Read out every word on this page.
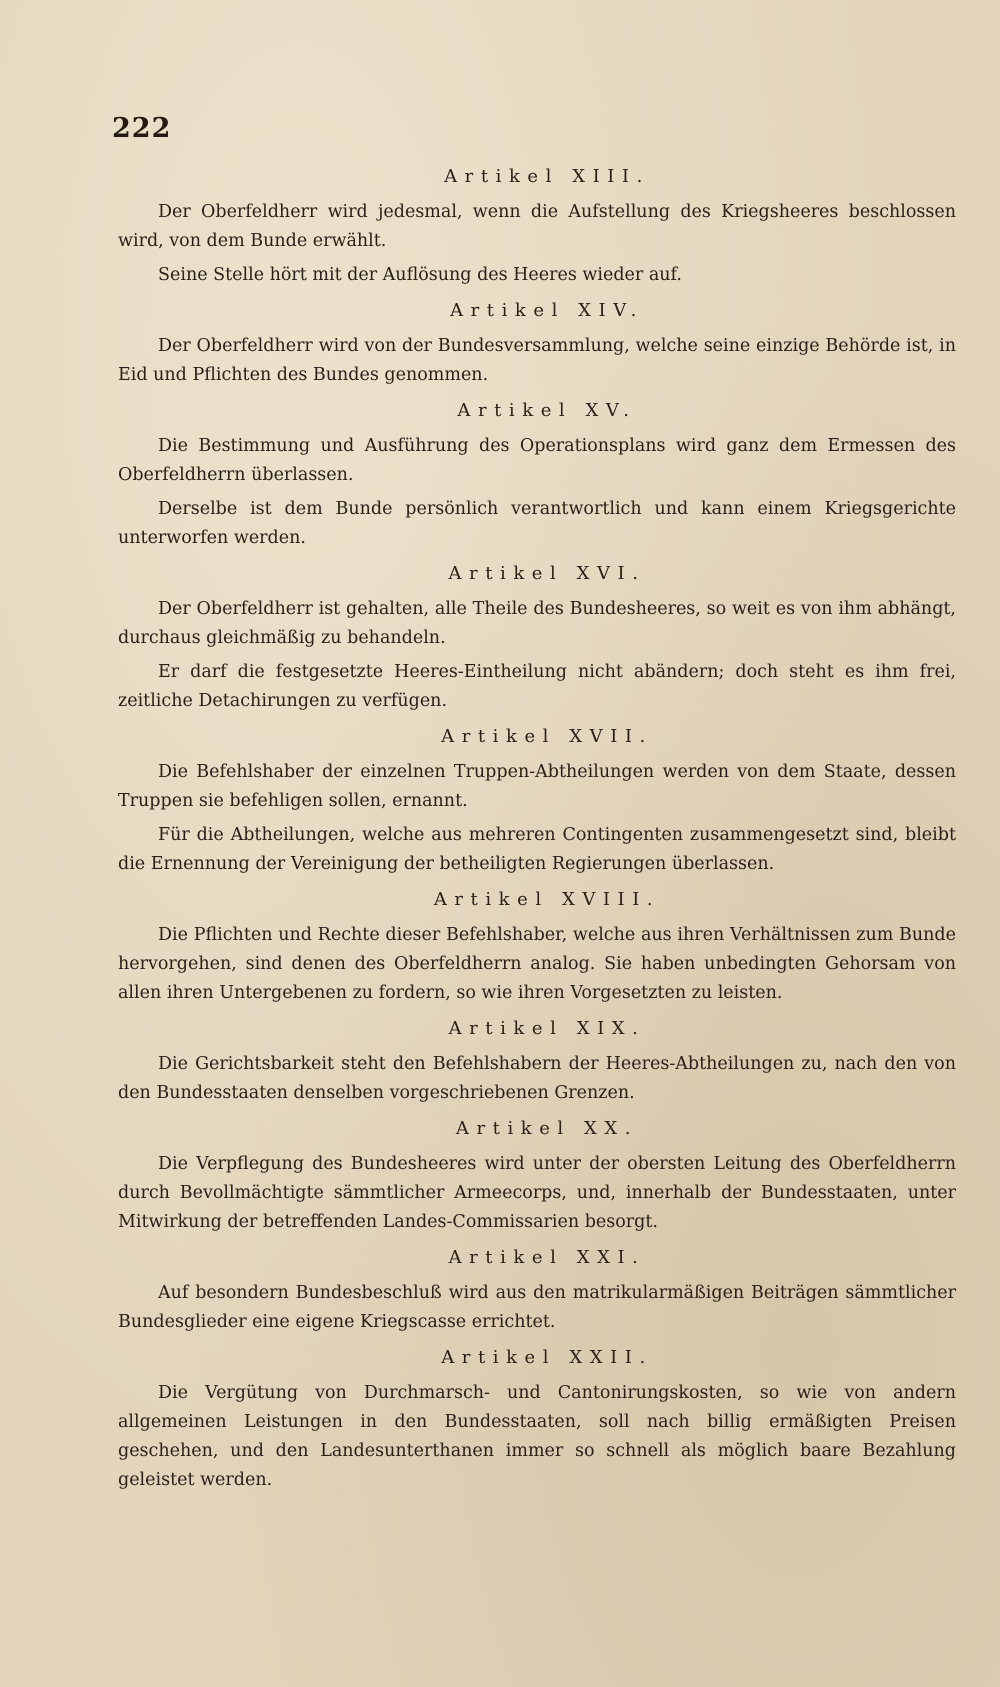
222
Artikel XIII.

Der Oberfeldherr wird jedesmal, wenn die Aufstellung des Kriegsheeres beschlossen wird, von dem Bunde erwählt.

Seine Stelle hört mit der Auflösung des Heeres wieder auf.

Artikel XIV.

Der Oberfeldherr wird von der Bundesversammlung, welche seine einzige Behörde ist, in Eid und Pflichten des Bundes genommen.

Artikel XV.

Die Bestimmung und Ausführung des Operationsplans wird ganz dem Ermessen des Oberfeldherrn überlassen.

Derselbe ist dem Bunde persönlich verantwortlich und kann einem Kriegsgerichte unterworfen werden.

Artikel XVI.

Der Oberfeldherr ist gehalten, alle Theile des Bundesheeres, so weit es von ihm abhängt, durchaus gleichmäßig zu behandeln.

Er darf die festgesetzte Heeres-Eintheilung nicht abändern; doch steht es ihm frei, zeitliche Detachirungen zu verfügen.

Artikel XVII.

Die Befehlshaber der einzelnen Truppen-Abtheilungen werden von dem Staate, dessen Truppen sie befehligen sollen, ernannt.

Für die Abtheilungen, welche aus mehreren Contingenten zusammengesetzt sind, bleibt die Ernennung der Vereinigung der betheiligten Regierungen überlassen.

Artikel XVIII.

Die Pflichten und Rechte dieser Befehlshaber, welche aus ihren Verhältnissen zum Bunde hervorgehen, sind denen des Oberfeldherrn analog. Sie haben unbedingten Gehorsam von allen ihren Untergebenen zu fordern, so wie ihren Vorgesetzten zu leisten.

Artikel XIX.

Die Gerichtsbarkeit steht den Befehlshabern der Heeres-Abtheilungen zu, nach den von den Bundesstaaten denselben vorgeschriebenen Grenzen.

Artikel XX.

Die Verpflegung des Bundesheeres wird unter der obersten Leitung des Oberfeldherrn durch Bevollmächtigte sämmtlicher Armeecorps, und, innerhalb der Bundesstaaten, unter Mitwirkung der betreffenden Landes-Commissarien besorgt.

Artikel XXI.

Auf besondern Bundesbeschluß wird aus den matrikularmäßigen Beiträgen sämmtlicher Bundesglieder eine eigene Kriegscasse errichtet.

Artikel XXII.

Die Vergütung von Durchmarsch- und Cantonirungskosten, so wie von andern allgemeinen Leistungen in den Bundesstaaten, soll nach billig ermäßigten Preisen geschehen, und den Landesunterthanen immer so schnell als möglich baare Bezahlung geleistet werden.
